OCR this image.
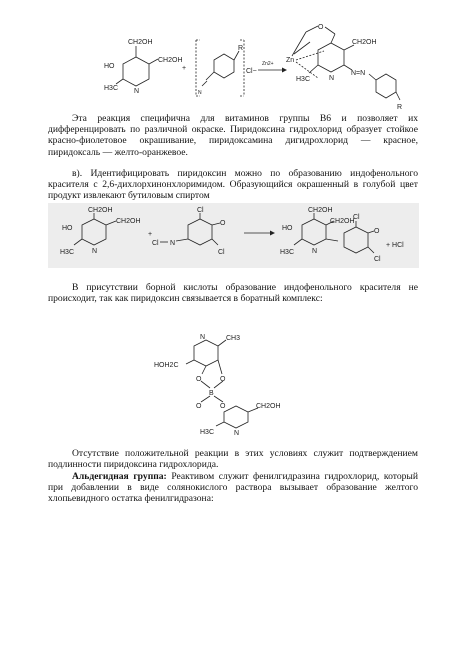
CH2OH
HO
CH2OH
H3C N
+
R
N
Cl−
Zn2+
O
Zn
CH2OH
H3C	N
N=N
R

Эта реакция специфична для витаминов группы В6 и позволяет их дифференцировать по различной окраске. Пиридоксина гидрохлорид образует стойкое красно-фиолетовое окрашивание, пиридоксамина дигидрохлорид — красное, пиридоксаль — желто-оранжевое.

в). Идентифицировать пиридоксин можно по образованию индофенольного красителя с 2,6-дихлорхинонхлоримидом. Образующийся окрашенный в голубой цвет продукт извлекают бутиловым спиртом

CH2OH
HO
CH2OH
H3C	N
+
Cl
O
N
Cl
Cl
CH2OH
HO
CH2OH
H3C	N
Cl
O
Cl
+ HCl

В присутствии борной кислоты образование индофенольного красителя не происходит, так как пиридоксин связывается в боратный комплекс:

N	CH3
HOH2C
O	O
B
O	O	CH2OH
H3C	N

Отсутствие положительной реакции в этих условиях служит подтверждением подлинности пиридоксина гидрохлорида.

Альдегидная группа: Реактивом служит фенилгидразина гидрохлорид, который при добавлении в виде солянокислого раствора вызывает образование желтого хлопьевидного остатка фенилгидразона:
